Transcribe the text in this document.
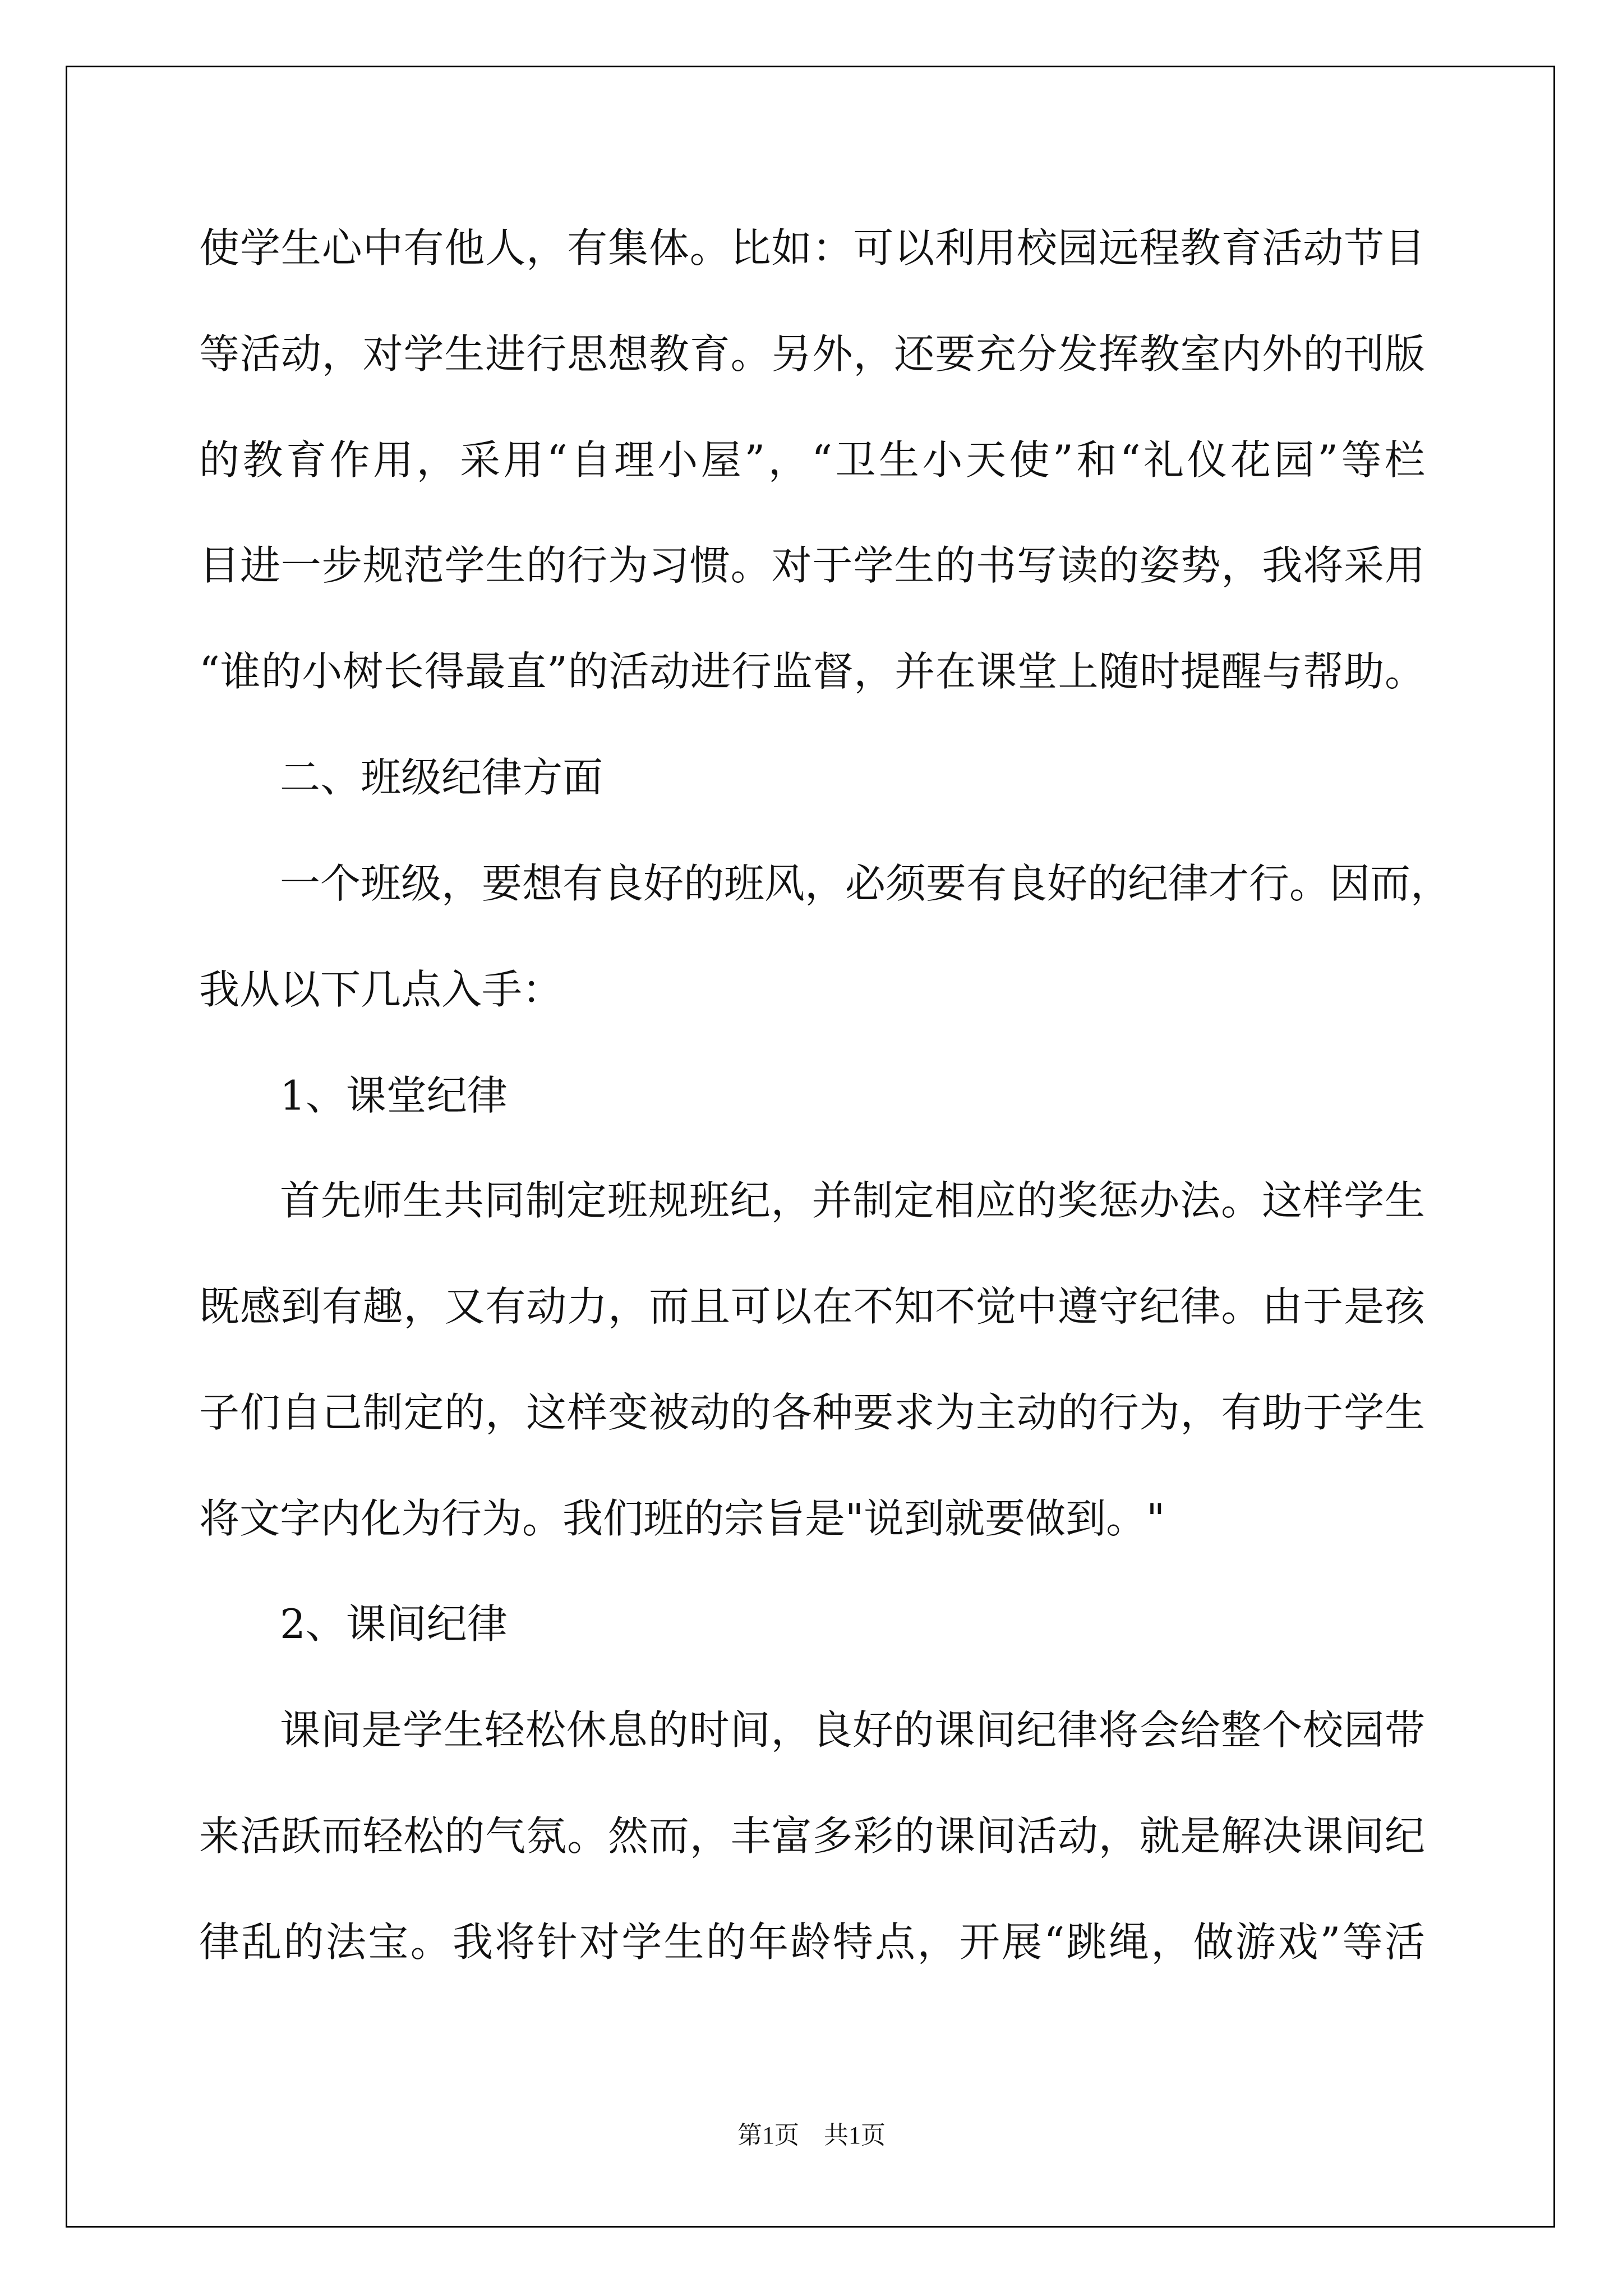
使学生心中有他人，有集体。比如：可以利用校园远程教育活动节目

等活动，对学生进行思想教育。另外，还要充分发挥教室内外的刊版

的教育作用，采用“自理小屋”，“卫生小天使”和“礼仪花园”等栏

目进一步规范学生的行为习惯。对于学生的书写读的姿势，我将采用

“谁的小树长得最直”的活动进行监督，并在课堂上随时提醒与帮助。

二、班级纪律方面

一个班级，要想有良好的班风，必须要有良好的纪律才行。因而，

我从以下几点入手：

1、课堂纪律

首先师生共同制定班规班纪，并制定相应的奖惩办法。这样学生

既感到有趣，又有动力，而且可以在不知不觉中遵守纪律。由于是孩

子们自己制定的，这样变被动的各种要求为主动的行为，有助于学生

将文字内化为行为。我们班的宗旨是"说到就要做到。"

2、课间纪律

课间是学生轻松休息的时间，良好的课间纪律将会给整个校园带

来活跃而轻松的气氛。然而，丰富多彩的课间活动，就是解决课间纪

律乱的法宝。我将针对学生的年龄特点，开展“跳绳，做游戏”等活

第1页　共1页
